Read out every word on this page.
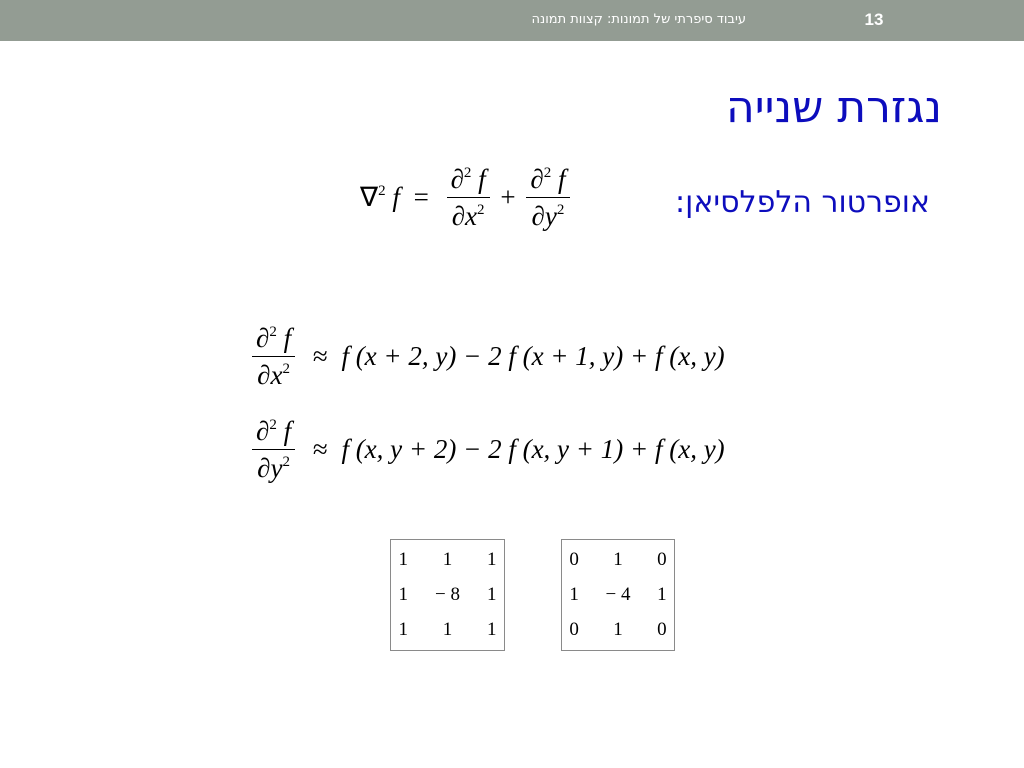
עיבוד סיפרתי של תמונות: קצוות תמונה	13
נגזרת שנייה
אופרטור הלפלסיאן:
∇$^2$ $f = \frac{\partial^2 f}{\partial x^2} + \frac{\partial^2 f}{\partial y^2}$
$\frac{\partial^2 f}{\partial x^2} \approx f$ (x + 2, y) − 2 f (x + 1, y) + f (x, y)
$\frac{\partial^2 f}{\partial y^2} \approx f$ (x, y + 2) − 2 f (x, y + 1) + f (x, y)
1	1	1
1	− 8	1
1	1	1
0	1	0
1	− 4	1
0	1	0
